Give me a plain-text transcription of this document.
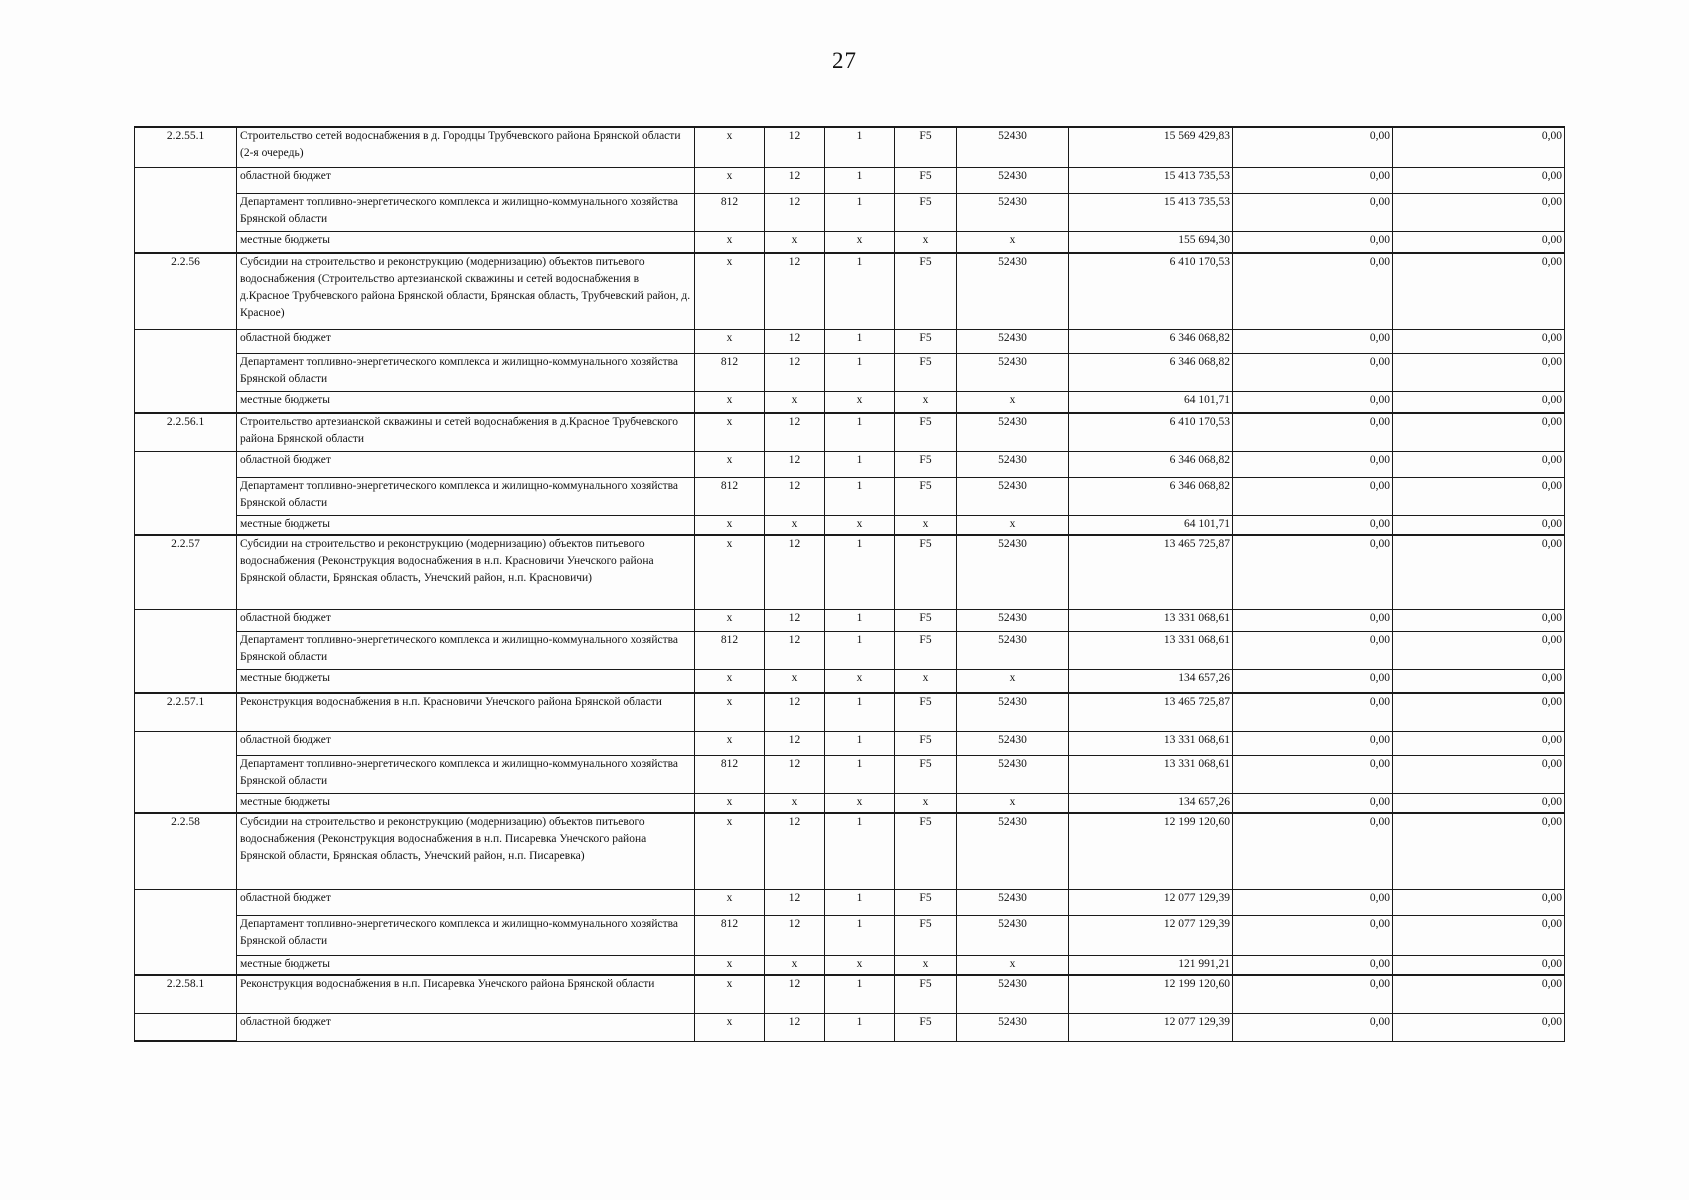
27
2.2.55.1	Строительство сетей водоснабжения в д. Городцы Трубчевского района Брянской области (2-я очередь)	x	12	1	F5	52430	15 569 429,83	0,00	0,00
	областной бюджет	x	12	1	F5	52430	15 413 735,53	0,00	0,00
	Департамент топливно-энергетического комплекса и жилищно-коммунального хозяйства Брянской области	812	12	1	F5	52430	15 413 735,53	0,00	0,00
	местные бюджеты	x	x	x	x	x	155 694,30	0,00	0,00
2.2.56	Субсидии на строительство и реконструкцию (модернизацию) объектов питьевого водоснабжения (Строительство артезианской скважины и сетей водоснабжения в д.Красное Трубчевского района Брянской области, Брянская область, Трубчевский район, д. Красное)	x	12	1	F5	52430	6 410 170,53	0,00	0,00
	областной бюджет	x	12	1	F5	52430	6 346 068,82	0,00	0,00
	Департамент топливно-энергетического комплекса и жилищно-коммунального хозяйства Брянской области	812	12	1	F5	52430	6 346 068,82	0,00	0,00
	местные бюджеты	x	x	x	x	x	64 101,71	0,00	0,00
2.2.56.1	Строительство артезианской скважины и сетей водоснабжения в д.Красное Трубчевского района Брянской области	x	12	1	F5	52430	6 410 170,53	0,00	0,00
	областной бюджет	x	12	1	F5	52430	6 346 068,82	0,00	0,00
	Департамент топливно-энергетического комплекса и жилищно-коммунального хозяйства Брянской области	812	12	1	F5	52430	6 346 068,82	0,00	0,00
	местные бюджеты	x	x	x	x	x	64 101,71	0,00	0,00
2.2.57	Субсидии на строительство и реконструкцию (модернизацию) объектов питьевого водоснабжения (Реконструкция водоснабжения в н.п. Красновичи Унечского района Брянской области, Брянская область, Унечский район, н.п. Красновичи)	x	12	1	F5	52430	13 465 725,87	0,00	0,00
	областной бюджет	x	12	1	F5	52430	13 331 068,61	0,00	0,00
	Департамент топливно-энергетического комплекса и жилищно-коммунального хозяйства Брянской области	812	12	1	F5	52430	13 331 068,61	0,00	0,00
	местные бюджеты	x	x	x	x	x	134 657,26	0,00	0,00
2.2.57.1	Реконструкция водоснабжения в н.п. Красновичи Унечского района Брянской области	x	12	1	F5	52430	13 465 725,87	0,00	0,00
	областной бюджет	x	12	1	F5	52430	13 331 068,61	0,00	0,00
	Департамент топливно-энергетического комплекса и жилищно-коммунального хозяйства Брянской области	812	12	1	F5	52430	13 331 068,61	0,00	0,00
	местные бюджеты	x	x	x	x	x	134 657,26	0,00	0,00
2.2.58	Субсидии на строительство и реконструкцию (модернизацию) объектов питьевого водоснабжения (Реконструкция водоснабжения в н.п. Писаревка Унечского района Брянской области, Брянская область, Унечский район, н.п. Писаревка)	x	12	1	F5	52430	12 199 120,60	0,00	0,00
	областной бюджет	x	12	1	F5	52430	12 077 129,39	0,00	0,00
	Департамент топливно-энергетического комплекса и жилищно-коммунального хозяйства Брянской области	812	12	1	F5	52430	12 077 129,39	0,00	0,00
	местные бюджеты	x	x	x	x	x	121 991,21	0,00	0,00
2.2.58.1	Реконструкция водоснабжения в н.п. Писаревка Унечского района Брянской области	x	12	1	F5	52430	12 199 120,60	0,00	0,00
	областной бюджет	x	12	1	F5	52430	12 077 129,39	0,00	0,00
